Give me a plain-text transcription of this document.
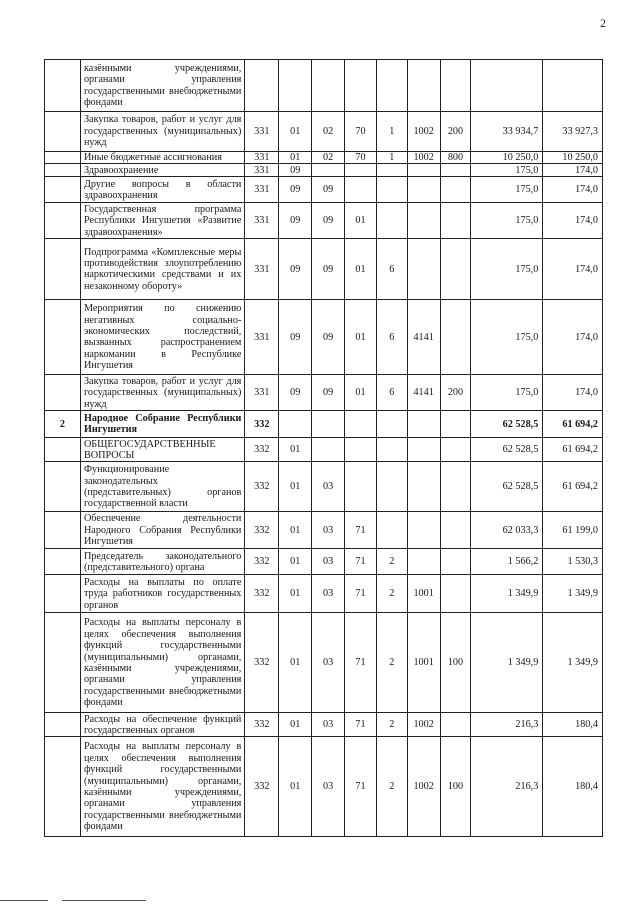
2
	казёнными учреждениями, органами управления государственными внебюджетными фондами									
	Закупка товаров, работ и услуг для государственных (муниципальных) нужд	331	01	02	70	1	1002	200	33 934,7	33 927,3
	Иные бюджетные ассигнования	331	01	02	70	1	1002	800	10 250,0	10 250,0
	Здравоохранение	331	09						175,0	174,0
	Другие вопросы в области здравоохранения	331	09	09					175,0	174,0
	Государственная программа Республики Ингушетия «Развитие здравоохранения»	331	09	09	01				175,0	174,0
	Подпрограмма «Комплексные меры противодействия злоупотреблению наркотическими средствами и их незаконному обороту»	331	09	09	01	6			175,0	174,0
	Мероприятия по снижению негативных социально-экономических последствий, вызванных распространением наркомании в Республике Ингушетия	331	09	09	01	6	4141		175,0	174,0
	Закупка товаров, работ и услуг для государственных (муниципальных) нужд	331	09	09	01	6	4141	200	175,0	174,0
2	Народное Собрание Республики Ингушетия	332							62 528,5	61 694,2
	ОБЩЕГОСУДАРСТВЕННЫЕ ВОПРОСЫ	332	01						62 528,5	61 694,2
	Функционирование законодательных (представительных) органов государственной власти	332	01	03					62 528,5	61 694,2
	Обеспечение деятельности Народного Собрания Республики Ингушетия	332	01	03	71				62 033,3	61 199,0
	Председатель законодательного (представительного) органа	332	01	03	71	2			1 566,2	1 530,3
	Расходы на выплаты по оплате труда работников государственных органов	332	01	03	71	2	1001		1 349,9	1 349,9
	Расходы на выплаты персоналу в целях обеспечения выполнения функций государственными (муниципальными) органами, казёнными учреждениями, органами управления государственными внебюджетными фондами	332	01	03	71	2	1001	100	1 349,9	1 349,9
	Расходы на обеспечение функций государственных органов	332	01	03	71	2	1002		216,3	180,4
	Расходы на выплаты персоналу в целях обеспечения выполнения функций государственными (муниципальными) органами, казёнными учреждениями, органами управления государственными внебюджетными фондами	332	01	03	71	2	1002	100	216,3	180,4
